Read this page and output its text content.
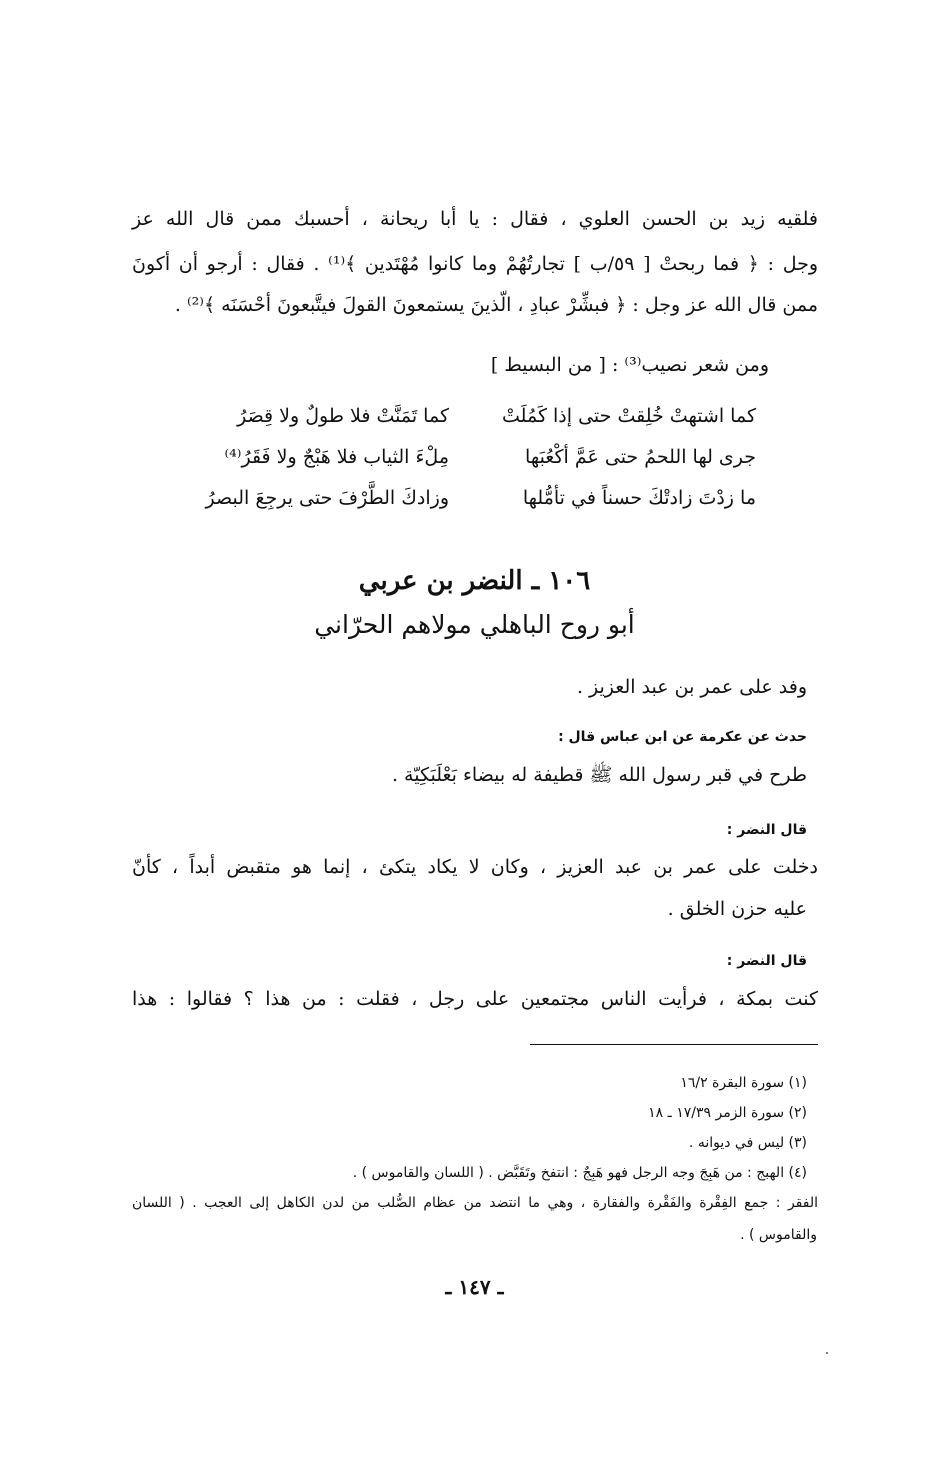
فلقيه زيد بن الحسن العلوي ، فقال : يا أبا ريحانة ، أحسبك ممن قال الله عز
وجل : ﴿ فما ربحتْ [ ٥٩/ب ] تجارتُهُمْ وما كانوا مُهْتَدين ﴾⁽¹⁾ . فقال : أرجو أن أكونَ
ممن قال الله عز وجل : ﴿ فبشِّرْ عبادِ ، الّذينَ يستمعونَ القولَ فيتَّبعونَ أحْسَنَه ﴾⁽²⁾ .
ومن شعر نصيب⁽³⁾ : [ من البسيط ]
كما اشتهتْ خُلِقتْ حتى إذا كَمُلَتْ
كما تَمَنَّتْ فلا طولٌ ولا قِصَرُ
جرى لها اللحمُ حتى عَمَّ أكْعُبَها
مِلْءَ الثياب فلا هَبْجٌ ولا فَقَرُ⁽⁴⁾
ما زدْتَ زادتْكَ حسناً في تأمُّلها
وزادكَ الطَّرْفَ حتى يرجِعَ البصرُ
١٠٦ ـ النضر بن عربي
أبو روح الباهلي مولاهم الحرّاني
وفد على عمر بن عبد العزيز .
حدث عن عكرمة عن ابن عباس قال :
طرح في قبر رسول الله ﷺ قطيفة له بيضاء بَعْلَبَكِيّة .
قال النضر :
دخلت على عمر بن عبد العزيز ، وكان لا يكاد يتكئ ، إنما هو متقبض أبداً ، كأنّ
عليه حزن الخلق .
قال النضر :
كنت بمكة ، فرأيت الناس مجتمعين على رجل ، فقلت : من هذا ؟ فقالوا : هذا
(١) سورة البقرة ١٦/٢
(٢) سورة الزمر ١٧/٣٩ ـ ١٨
(٣) ليس في ديوانه .
(٤) الهبج : من هَبِجَ وجه الرجل فهو هَبِجٌ : انتفخ وتَقَبَّض . ( اللسان والقاموس ) .
الفقر : جمع الفِقْرة والفَقْرة والفقارة ، وهي ما انتضد من عظام الصُّلب من لدن الكاهل إلى العجب . ( اللسان
والقاموس ) .
ـ ١٤٧ ـ
